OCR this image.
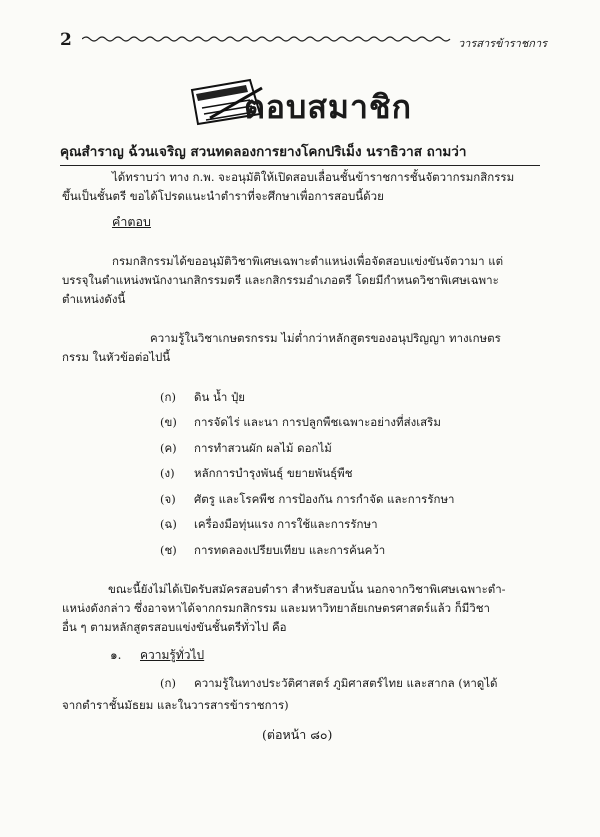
2	วารสารข้าราชการ
ตอบสมาชิก
คุณสำราญ ฉ้วนเจริญ สวนทดลองการยางโคกปริเม็ง นราธิวาส ถามว่า
ได้ทราบว่า ทาง ก.พ. จะอนุมัติให้เปิดสอบเลื่อนชั้นข้าราชการชั้นจัตวากรมกสิกรรม
ขึ้นเป็นชั้นตรี ขอได้โปรดแนะนำตำราที่จะศึกษาเพื่อการสอบนี้ด้วย
คำตอบ
กรมกสิกรรมได้ขออนุมัติวิชาพิเศษเฉพาะตำแหน่งเพื่อจัดสอบแข่งขันจัตวามา แต่
บรรจุในตำแหน่งพนักงานกสิกรรมตรี และกสิกรรมอำเภอตรี โดยมีกำหนดวิชาพิเศษเฉพาะ
ตำแหน่งดังนี้
ความรู้ในวิชาเกษตรกรรม ไม่ต่ำกว่าหลักสูตรของอนุปริญญา ทางเกษตร
กรรม ในหัวข้อต่อไปนี้
(ก) ดิน น้ำ ปุ๋ย
(ข) การจัดไร่ และนา การปลูกพืชเฉพาะอย่างที่ส่งเสริม
(ค) การทำสวนผัก ผลไม้ ดอกไม้
(ง) หลักการบำรุงพันธุ์ ขยายพันธุ์พืช
(จ) ศัตรู และโรคพืช การป้องกัน การกำจัด และการรักษา
(ฉ) เครื่องมือทุ่นแรง การใช้และการรักษา
(ช) การทดลองเปรียบเทียบ และการค้นคว้า
ขณะนี้ยังไม่ได้เปิดรับสมัครสอบตำรา สำหรับสอบนั้น นอกจากวิชาพิเศษเฉพาะตำ-
แหน่งดังกล่าว ซึ่งอาจหาได้จากกรมกสิกรรม และมหาวิทยาลัยเกษตรศาสตร์แล้ว ก็มีวิชา
อื่น ๆ ตามหลักสูตรสอบแข่งขันชั้นตรีทั่วไป คือ
๑. ความรู้ทั่วไป
(ก) ความรู้ในทางประวัติศาสตร์ ภูมิศาสตร์ไทย และสากล (หาดูได้
จากตำราชั้นมัธยม และในวารสารข้าราชการ)
(ต่อหน้า ๘๐)
